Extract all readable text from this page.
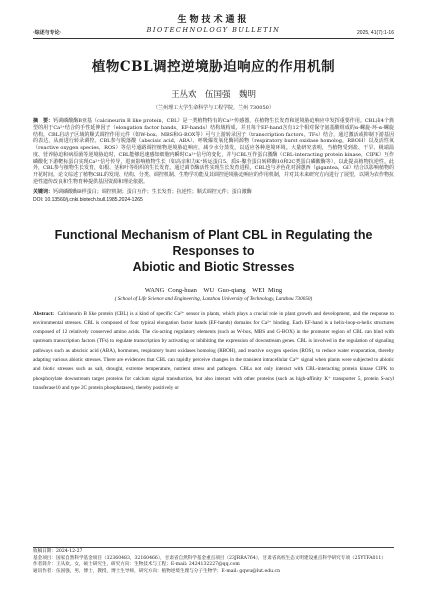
生物技术通报
BIOTECHNOLOGY BULLETIN
·综述与专论·	2025, 41(7):1-16
植物CBL调控逆境胁迫响应的作用机制
王丛欢　伍国强　魏明
（兰州理工大学生命科学与工程学院，兰州 730050）
摘　要：钙调磷酸酶B亚基（calcineurin B like protein，CBL）是一类植物特有的Ca²⁺传感器，在植物生长发育和逆境胁迫响应中发挥重要作用。CBL由4个典型的用于Ca²⁺结合的手性延伸因子（elongation factor hands，EF-hands）结构域构成，并且每个EF-hand含有12个相对保守氨基酸组成的α-螺旋-环-α-螺旋结构。CBL启动子区域的顺式调控作用元件（如W-box、MBS和G-BOX等）可与上游转录因子（transcription factors，TFs）结合，通过激活或抑制下游基因的表达，从而进行转录调控。CBL参与脱落酸（abscisic acid，ABA）、呼吸爆发氧化酶同源物（respiratory burst oxidase homolog，RBOH）以及活性氧（reactive oxygen species，ROS）等信号通路调控植物逆境胁迫响应，减少水分蒸发，以适应各种逆境环境。大量研究表明，当植物受到盐、干旱、极端温度、营养胁迫和病原菌等逆境胁迫时，CBL能够迅速感知细胞内瞬时Ca²⁺信号的变化，并与CBL互作蛋白激酶（CBL-interacting protein kinase，CIPK）互作磷酸化下游靶标蛋白实现Ca²⁺信号传导，进而影响植物生长（如高亲和力K⁺转运蛋白5、质S-腺苷蛋白转移酶10和2C类蛋白磷酸酶等），以此提高植物抗逆性。此外，CBL参与植物生长发育，如根、茎和叶等组织的生长发育。通过调节酶活性实现生长发育进程，CBL也与矛色花对洞蕙西（gigantea，GI）结合以影响植物的开花时间。论文综述了植物CBL的发现、结构、分类、调控机制、生物学功能及其调控逆境胁迫响应的作用机制，并对其未来研究方向进行了展望，以期为农作物抗逆性遗传改良和生物育种提供基因资源和理论依据。
关键词：钙调磷酸酶B样蛋白；调控机制；蛋白互作；生长发育；抗逆性；顺式调控元件；蛋白激酶
DOI: 10.13560/j.cnki.biotech.bull.1985.2024-1265
Functional Mechanism of Plant CBL in Regulating the Responses to
Abiotic and Biotic Stresses
WANG Cong-huan　WU Guo-qiang　WEI Ming
( School of Life Science and Engineering, Lanzhou University of Technology, Lanzhou 730050)
Abstract: Calcineurin B like protein (CBL) is a kind of specific Ca²⁺ sensor in plants, which plays a crucial role in plant growth and development, and the response to environmental stresses. CBL is composed of four typical elongation factor hands (EF-hands) domains for Ca²⁺ binding. Each EF-hand is a helix-loop-α-helix structures composed of 12 relatively conserved amino acids. The cis-acting regulatory elements (such as W-box, MBS and G-BOX) in the promoter region of CBL can bind with upstream transcription factors (TFs) to regulate transcription by activating or inhibiting the expression of downstream genes. CBL is involved in the regulation of signaling pathways such as abscisic acid (ABA), hormones, respiratory burst oxidases homolog (RBOH), and reactive oxygen species (ROS), to reduce water evaporation, thereby adapting various abiotic stresses. There are evidences that CBL can rapidly perceive changes in the transient intracellular Ca²⁺ signal when plants were subjected to abiotic and biotic stresses such as salt, drought, extreme temperature, nutrient stress and pathogen. CBLs not only interact with CBL-interacting protein kinase CIPK to phosphorylate downstream target proteins for calcium signal transduction, but also interact with other proteins (such as high-affinity K⁺ transporter 5, protein S-acyl transferase10 and type 2C protein phosphatases), thereby positively or
收稿日期：2024-12-27
基金项目：国家自然科学基金项目（32360483，32160466），甘肃省自然科学基金重点项目（23JRRA764），甘肃省高校生态文明建设重点科学研究专项（25YTFA011）
作者简介：王从欢，女，硕士研究生，研究方向：生物技术与工程；E-mail: 2424132227@qq.com
通讯作者：伍国强，男，博士，教授，博士生导师，研究方向：植物逆境生理与分子生物学；E-mail: gqwu@lut.edu.cn
